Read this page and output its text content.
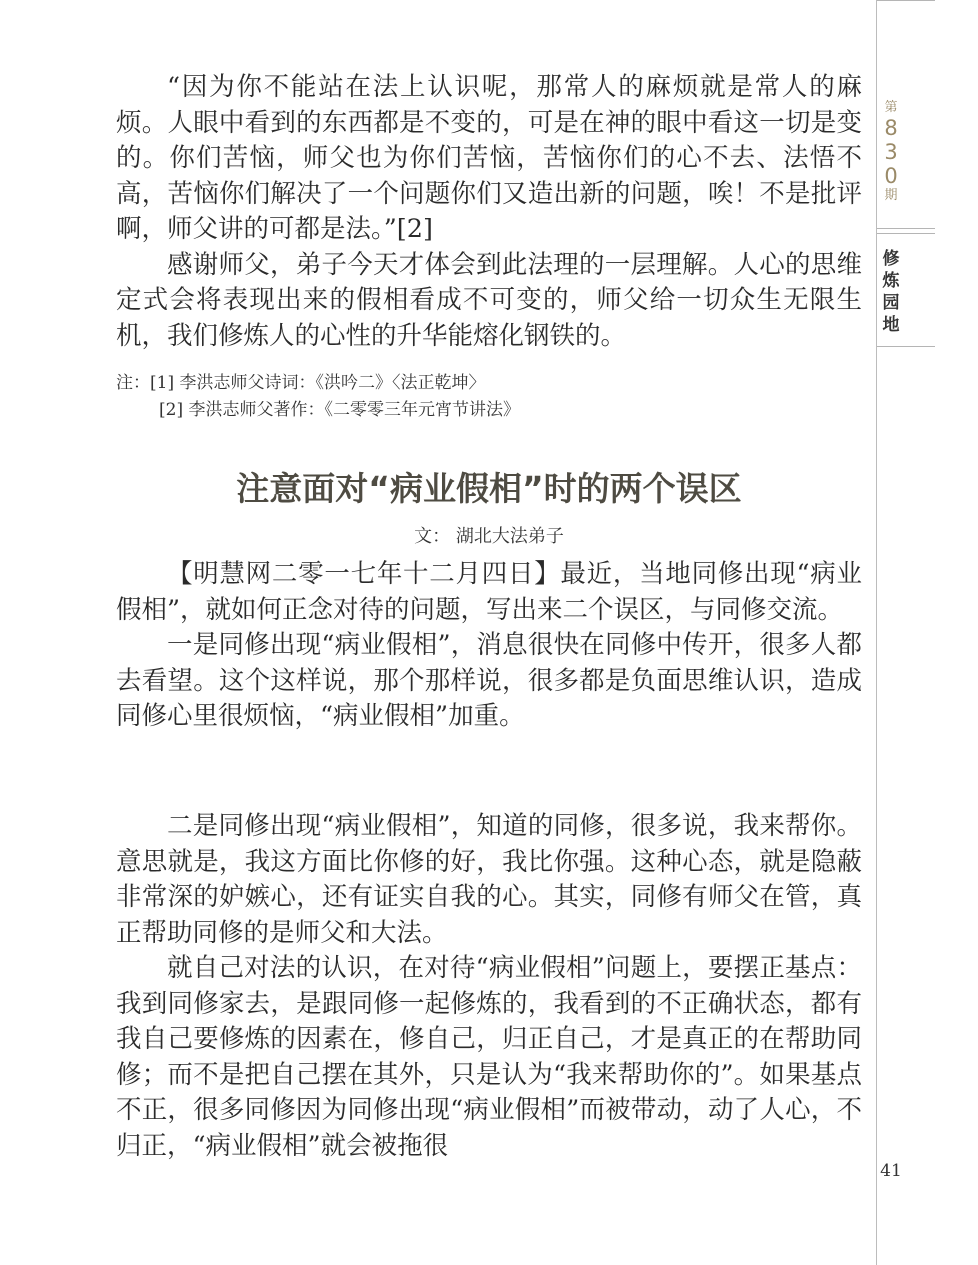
第
8
3
0
期
修
炼
园
地
41

“因为你不能站在法上认识呢，那常人的麻烦就是常人的麻烦。人眼中看到的东西都是不变的，可是在神的眼中看这一切是变的。你们苦恼，师父也为你们苦恼，苦恼你们的心不去、法悟不高，苦恼你们解决了一个问题你们又造出新的问题，唉！不是批评啊，师父讲的可都是法。”[2]

感谢师父，弟子今天才体会到此法理的一层理解。人心的思维定式会将表现出来的假相看成不可变的，师父给一切众生无限生机，我们修炼人的心性的升华能熔化钢铁的。

注：[1] 李洪志师父诗词：《洪吟二》〈法正乾坤〉

[2] 李洪志师父著作：《二零零三年元宵节讲法》

注意面对“病业假相”时的两个误区
文： 湖北大法弟子

【明慧网二零一七年十二月四日】最近，当地同修出现“病业假相”，就如何正念对待的问题，写出来二个误区，与同修交流。

一是同修出现“病业假相”，消息很快在同修中传开，很多人都去看望。这个这样说，那个那样说，很多都是负面思维认识，造成同修心里很烦恼，“病业假相”加重。

二是同修出现“病业假相”，知道的同修，很多说，我来帮你。意思就是，我这方面比你修的好，我比你强。这种心态，就是隐蔽非常深的妒嫉心，还有证实自我的心。其实，同修有师父在管，真正帮助同修的是师父和大法。

就自己对法的认识，在对待“病业假相”问题上，要摆正基点：我到同修家去，是跟同修一起修炼的，我看到的不正确状态，都有我自己要修炼的因素在，修自己，归正自己，才是真正的在帮助同修；而不是把自己摆在其外，只是认为“我来帮助你的”。如果基点不正，很多同修因为同修出现“病业假相”而被带动，动了人心，不归正，“病业假相”就会被拖很
